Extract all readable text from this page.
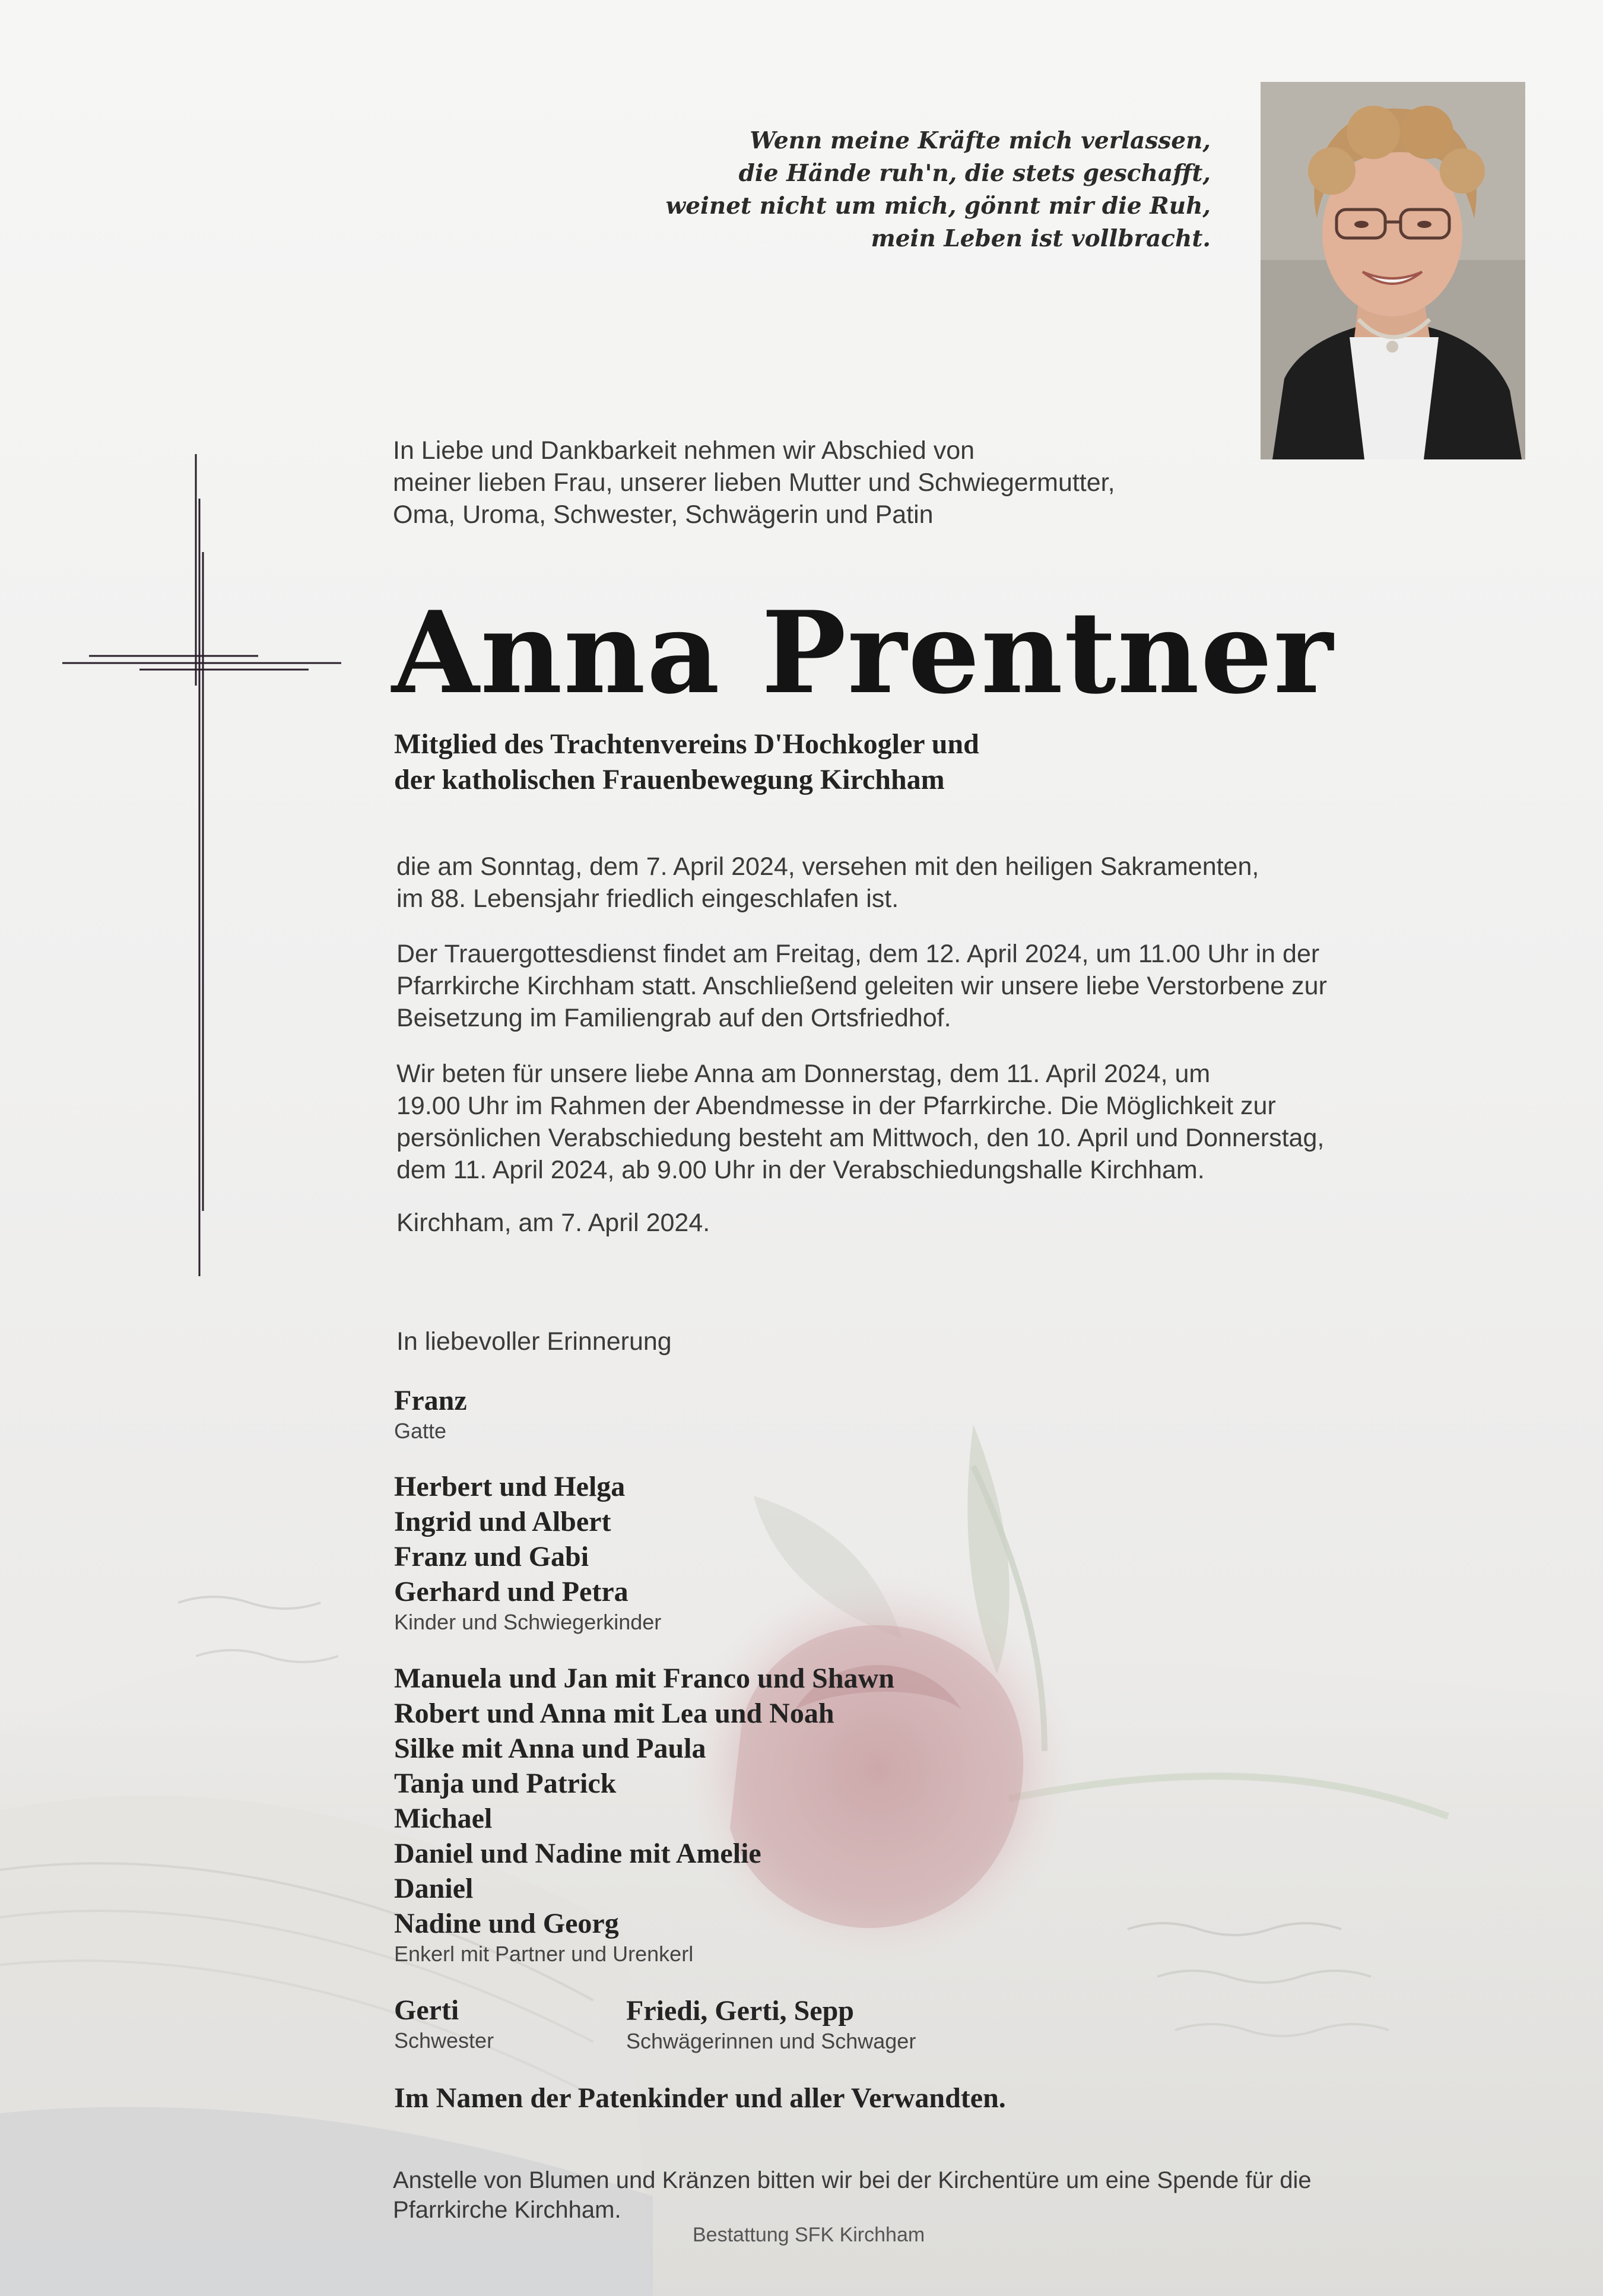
Wenn meine Kräfte mich verlassen,
die Hände ruh'n, die stets geschafft,
weinet nicht um mich, gönnt mir die Ruh,
mein Leben ist vollbracht.
In Liebe und Dankbarkeit nehmen wir Abschied von
meiner lieben Frau, unserer lieben Mutter und Schwiegermutter,
Oma, Uroma, Schwester, Schwägerin und Patin
Anna Prentner
Mitglied des Trachtenvereins D'Hochkogler und
der katholischen Frauenbewegung Kirchham
die am Sonntag, dem 7. April 2024, versehen mit den heiligen Sakramenten,
im 88. Lebensjahr friedlich eingeschlafen ist.
Der Trauergottesdienst findet am Freitag, dem 12. April 2024, um 11.00 Uhr in der
Pfarrkirche Kirchham statt. Anschließend geleiten wir unsere liebe Verstorbene zur
Beisetzung im Familiengrab auf den Ortsfriedhof.
Wir beten für unsere liebe Anna am Donnerstag, dem 11. April 2024, um
19.00 Uhr im Rahmen der Abendmesse in der Pfarrkirche. Die Möglichkeit zur
persönlichen Verabschiedung besteht am Mittwoch, den 10. April und Donnerstag,
dem 11. April 2024, ab 9.00 Uhr in der Verabschiedungshalle Kirchham.
Kirchham, am 7. April 2024.
In liebevoller Erinnerung
Franz
Gatte
Herbert und Helga
Ingrid und Albert
Franz und Gabi
Gerhard und Petra
Kinder und Schwiegerkinder
Manuela und Jan mit Franco und Shawn
Robert und Anna mit Lea und Noah
Silke mit Anna und Paula
Tanja und Patrick
Michael
Daniel und Nadine mit Amelie
Daniel
Nadine und Georg
Enkerl mit Partner und Urenkerl
Gerti
Schwester
Friedi, Gerti, Sepp
Schwägerinnen und Schwager
Im Namen der Patenkinder und aller Verwandten.
Anstelle von Blumen und Kränzen bitten wir bei der Kirchentüre um eine Spende für die
Pfarrkirche Kirchham.
Bestattung SFK Kirchham
